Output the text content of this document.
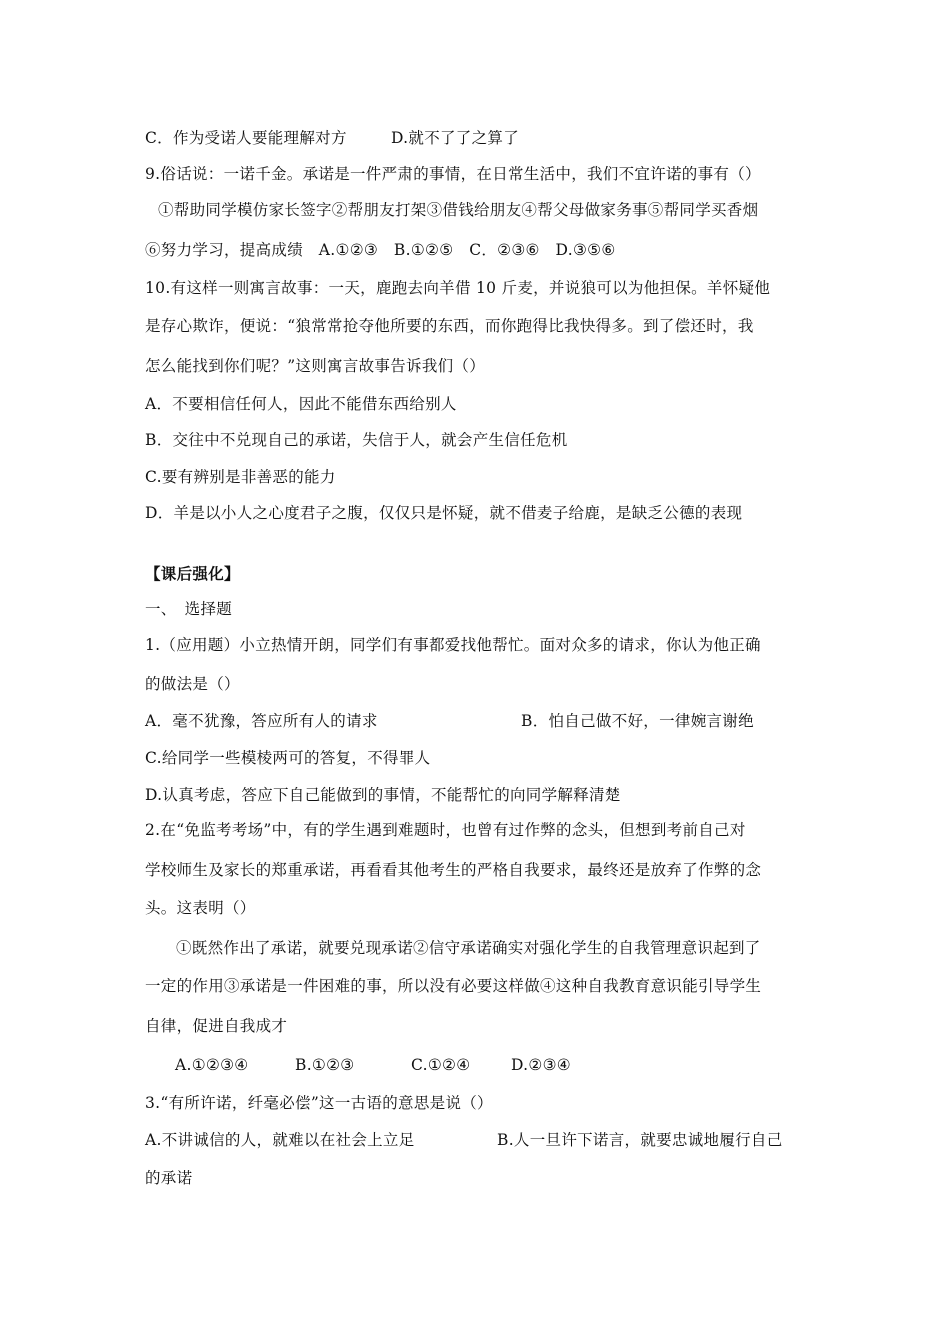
C．作为受诺人要能理解对方	D.就不了了之算了
9.俗话说：一诺千金。承诺是一件严肃的事情，在日常生活中，我们不宜许诺的事有（）
①帮助同学模仿家长签字②帮朋友打架③借钱给朋友④帮父母做家务事⑤帮同学买香烟
⑥努力学习，提高成绩　A.①②③　B.①②⑤　C．②③⑥　D.③⑤⑥
10.有这样一则寓言故事：一天，鹿跑去向羊借 10 斤麦，并说狼可以为他担保。羊怀疑他
是存心欺诈，便说：“狼常常抢夺他所要的东西，而你跑得比我快得多。到了偿还时，我
怎么能找到你们呢？”这则寓言故事告诉我们（）
A．不要相信任何人，因此不能借东西给别人
B．交往中不兑现自己的承诺，失信于人，就会产生信任危机
C.要有辨别是非善恶的能力
D．羊是以小人之心度君子之腹，仅仅只是怀疑，就不借麦子给鹿，是缺乏公德的表现
【课后强化】
一、　选择题
1.（应用题）小立热情开朗，同学们有事都爱找他帮忙。面对众多的请求，你认为他正确
的做法是（）
A．毫不犹豫，答应所有人的请求	B．怕自己做不好，一律婉言谢绝
C.给同学一些模棱两可的答复，不得罪人
D.认真考虑，答应下自己能做到的事情，不能帮忙的向同学解释清楚
2.在“免监考考场”中，有的学生遇到难题时，也曾有过作弊的念头，但想到考前自己对
学校师生及家长的郑重承诺，再看看其他考生的严格自我要求，最终还是放弃了作弊的念
头。这表明（）
①既然作出了承诺，就要兑现承诺②信守承诺确实对强化学生的自我管理意识起到了
一定的作用③承诺是一件困难的事，所以没有必要这样做④这种自我教育意识能引导学生
自律，促进自我成才
A.①②③④	B.①②③	C.①②④	D.②③④
3.“有所许诺，纤毫必偿”这一古语的意思是说（）
A.不讲诚信的人，就难以在社会上立足	B.人一旦许下诺言，就要忠诚地履行自己
的承诺
